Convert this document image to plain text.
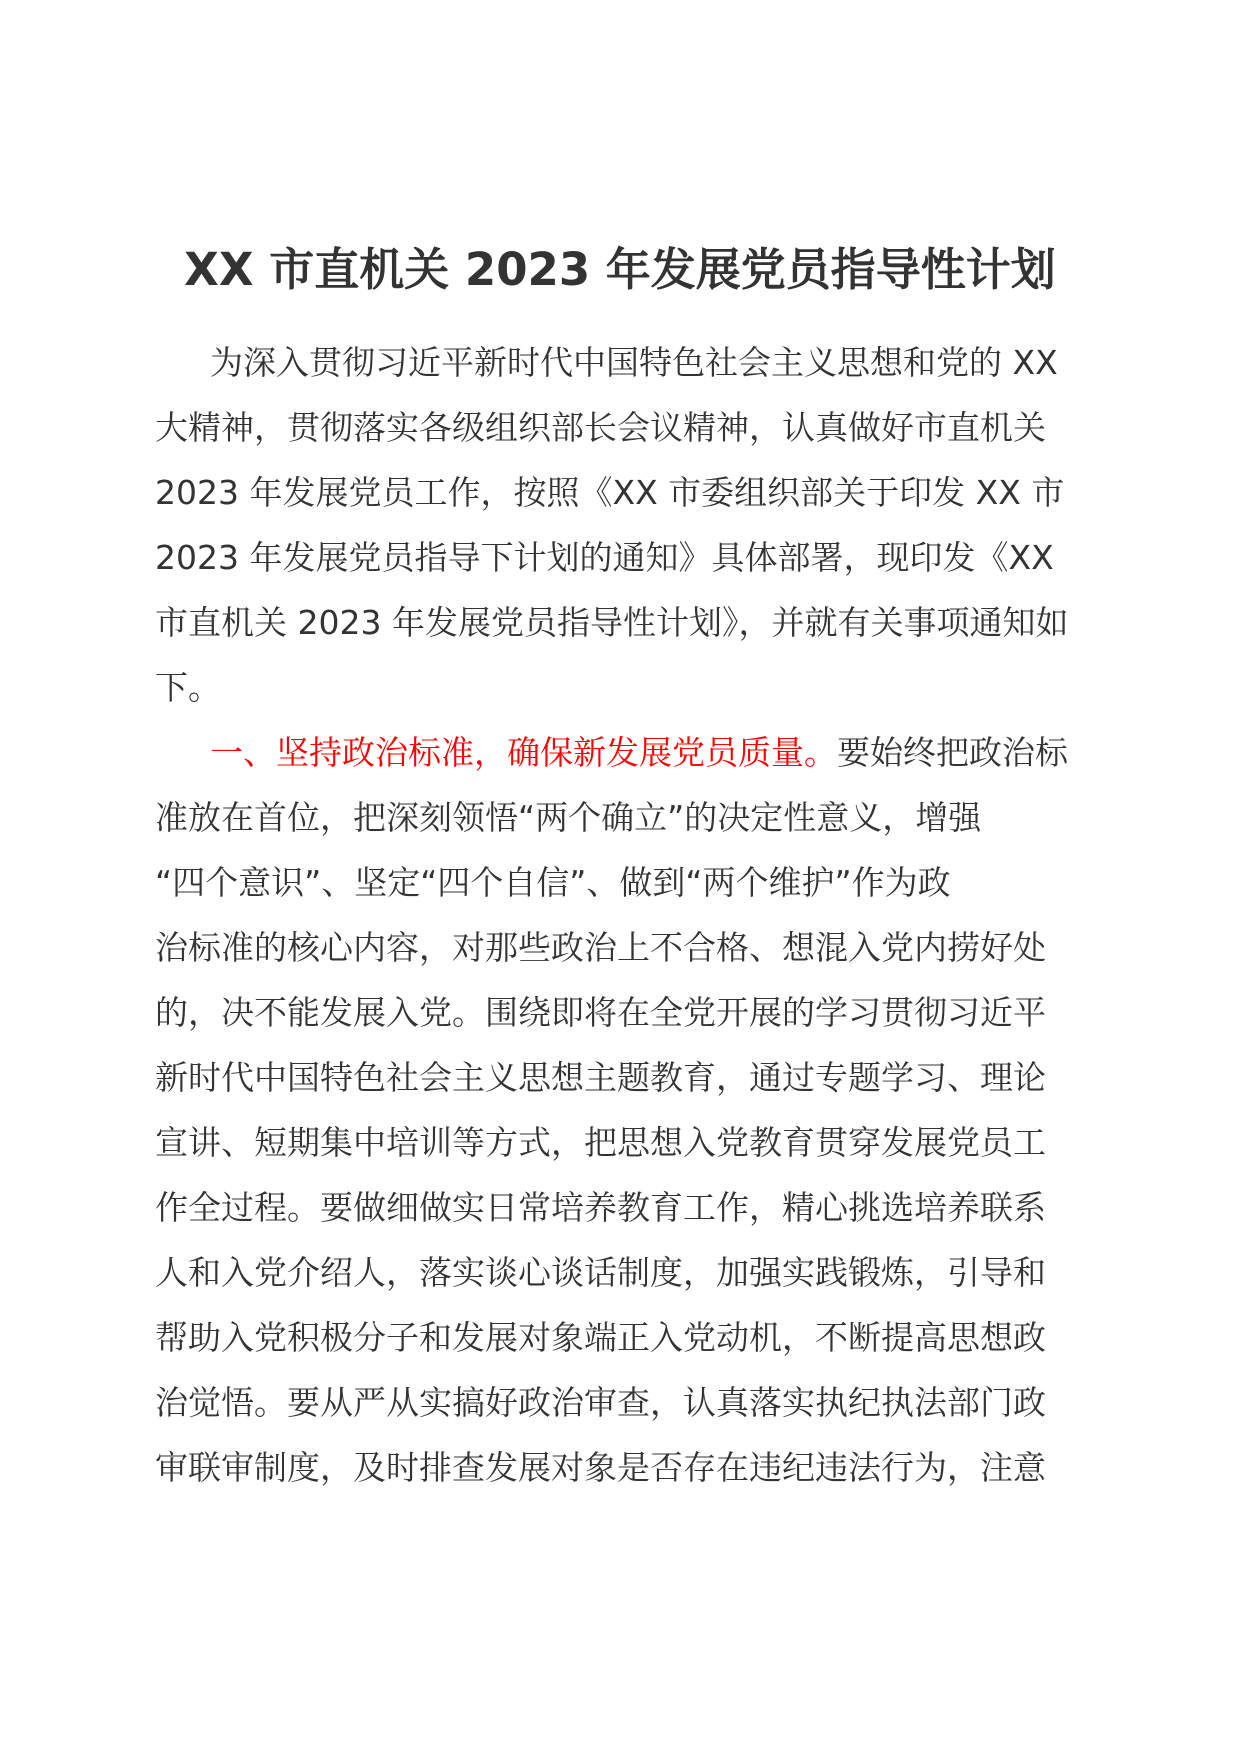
XX 市直机关 2023 年发展党员指导性计划
为深入贯彻习近平新时代中国特色社会主义思想和党的 XX
大精神，贯彻落实各级组织部长会议精神，认真做好市直机关
2023 年发展党员工作，按照《XX 市委组织部关于印发 XX 市
2023 年发展党员指导下计划的通知》具体部署，现印发《XX
市直机关 2023 年发展党员指导性计划》，并就有关事项通知如
下。
一、坚持政治标准，确保新发展党员质量。要始终把政治标
准放在首位，把深刻领悟“两个确立”的决定性意义，增强
“四个意识”、坚定“四个自信”、做到“两个维护”作为政
治标准的核心内容，对那些政治上不合格、想混入党内捞好处
的，决不能发展入党。围绕即将在全党开展的学习贯彻习近平
新时代中国特色社会主义思想主题教育，通过专题学习、理论
宣讲、短期集中培训等方式，把思想入党教育贯穿发展党员工
作全过程。要做细做实日常培养教育工作，精心挑选培养联系
人和入党介绍人，落实谈心谈话制度，加强实践锻炼，引导和
帮助入党积极分子和发展对象端正入党动机，不断提高思想政
治觉悟。要从严从实搞好政治审查，认真落实执纪执法部门政
审联审制度，及时排查发展对象是否存在违纪违法行为，注意
